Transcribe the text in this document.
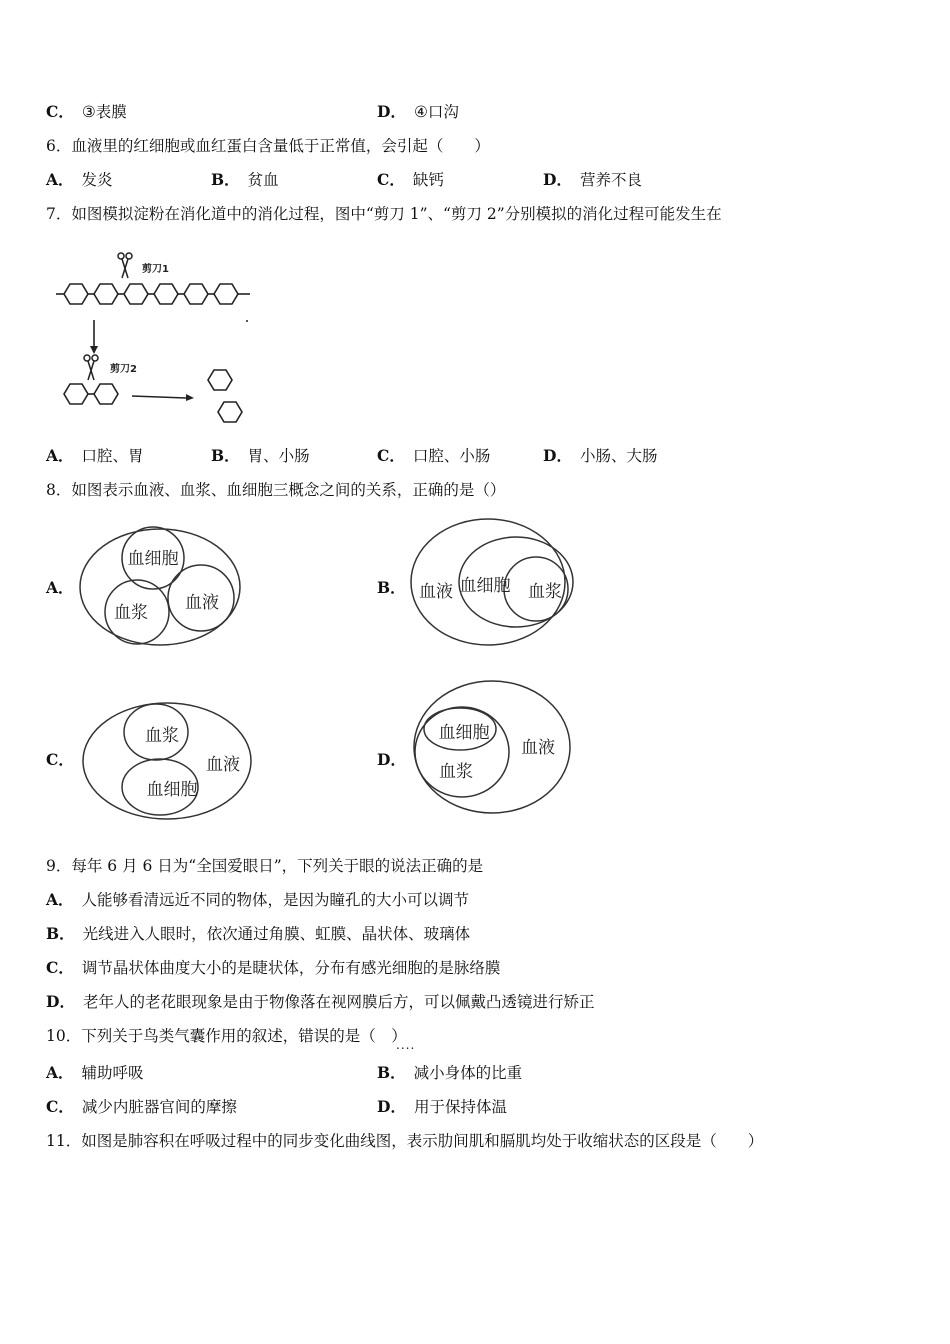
C． ③表膜	D． ④口沟
6．血液里的红细胞或血红蛋白含量低于正常值，会引起（　　）
A． 发炎	B． 贫血	C． 缺钙	D． 营养不良
7．如图模拟淀粉在消化道中的消化过程，图中“剪刀 1”、“剪刀 2”分别模拟的消化过程可能发生在
剪刀1
剪刀2
A． 口腔、胃	B． 胃、小肠	C． 口腔、小肠	D． 小肠、大肠
8．如图表示血液、血浆、血细胞三概念之间的关系，正确的是（）
A．
血细胞
血浆 血液
B． 血液 血细胞 血浆
C．
血浆
血细胞
血液	D．
血细胞
血浆
血液
9．每年 6 月 6 日为“全国爱眼日”，下列关于眼的说法正确的是
A． 人能够看清远近不同的物体，是因为瞳孔的大小可以调节
B． 光线进入人眼时，依次通过角膜、虹膜、晶状体、玻璃体
C． 调节晶状体曲度大小的是睫状体，分布有感光细胞的是脉络膜
D． 老年人的老花眼现象是由于物像落在视网膜后方，可以佩戴凸透镜进行矫正
10．下列关于鸟类气囊作用的叙述，错误的是（　）
....
A． 辅助呼吸	B． 减小身体的比重
C． 减少内脏器官间的摩擦	D． 用于保持体温
11．如图是肺容积在呼吸过程中的同步变化曲线图，表示肋间肌和膈肌均处于收缩状态的区段是（　　）
